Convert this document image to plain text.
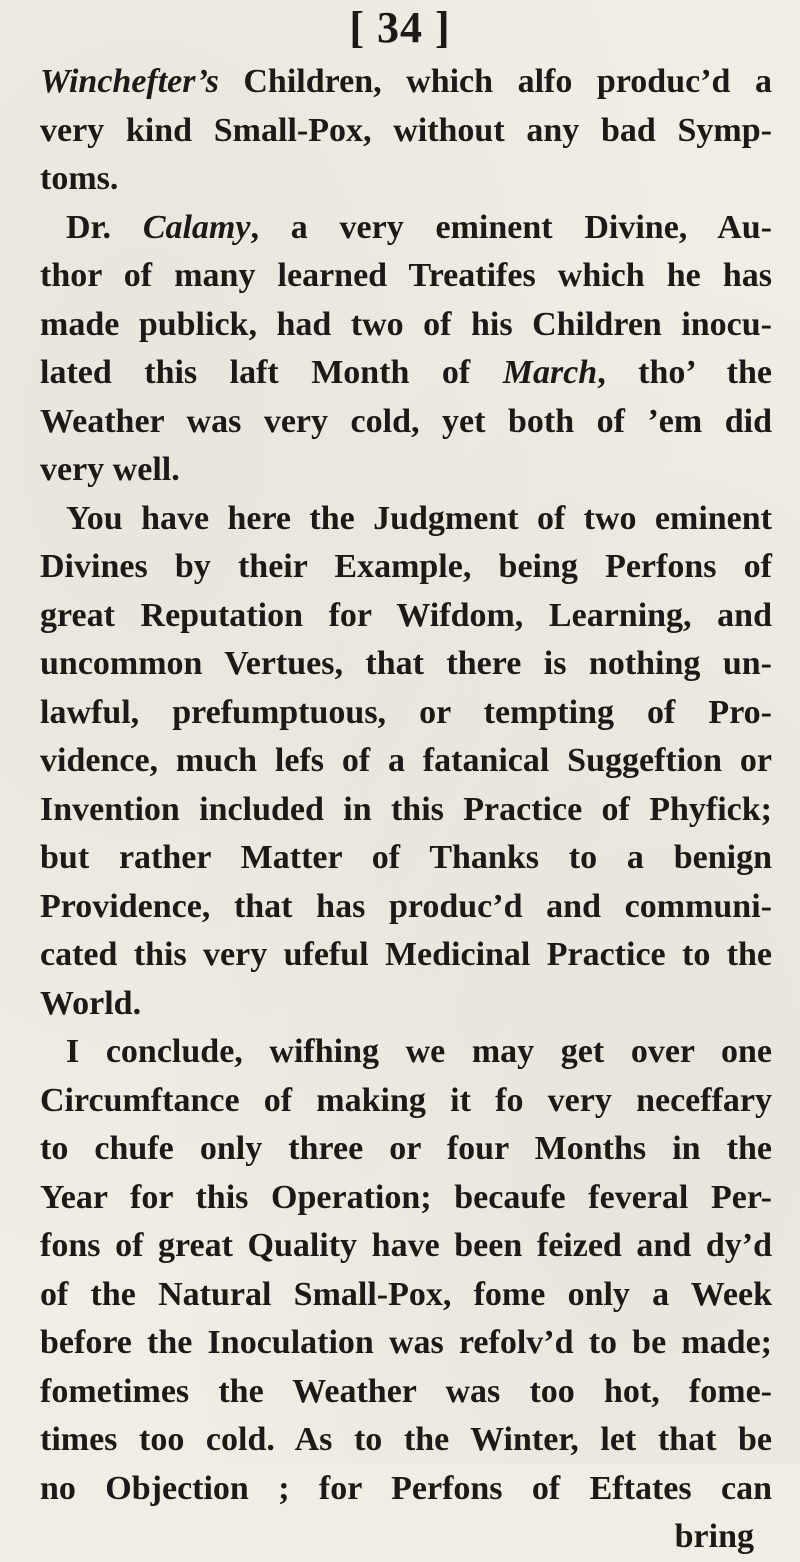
[ 34 ]
Winchefter’s Children, which alfo produc’d a
very kind Small-Pox, without any bad Symp-
toms.
Dr. Calamy, a very eminent Divine, Au-
thor of many learned Treatifes which he has
made publick, had two of his Children inocu-
lated this laft Month of March, tho’ the
Weather was very cold, yet both of ’em did
very well.
You have here the Judgment of two eminent
Divines by their Example, being Perfons of
great Reputation for Wifdom, Learning, and
uncommon Vertues, that there is nothing un-
lawful, prefumptuous, or tempting of Pro-
vidence, much lefs of a fatanical Suggeftion or
Invention included in this Practice of Phyfick;
but rather Matter of Thanks to a benign
Providence, that has produc’d and communi-
cated this very ufeful Medicinal Practice to the
World.
I conclude, wifhing we may get over one
Circumftance of making it fo very neceffary
to chufe only three or four Months in the
Year for this Operation; becaufe feveral Per-
fons of great Quality have been feized and dy’d
of the Natural Small-Pox, fome only a Week
before the Inoculation was refolv’d to be made;
fometimes the Weather was too hot, fome-
times too cold. As to the Winter, let that be
no Objection ; for Perfons of Eftates can
bring
